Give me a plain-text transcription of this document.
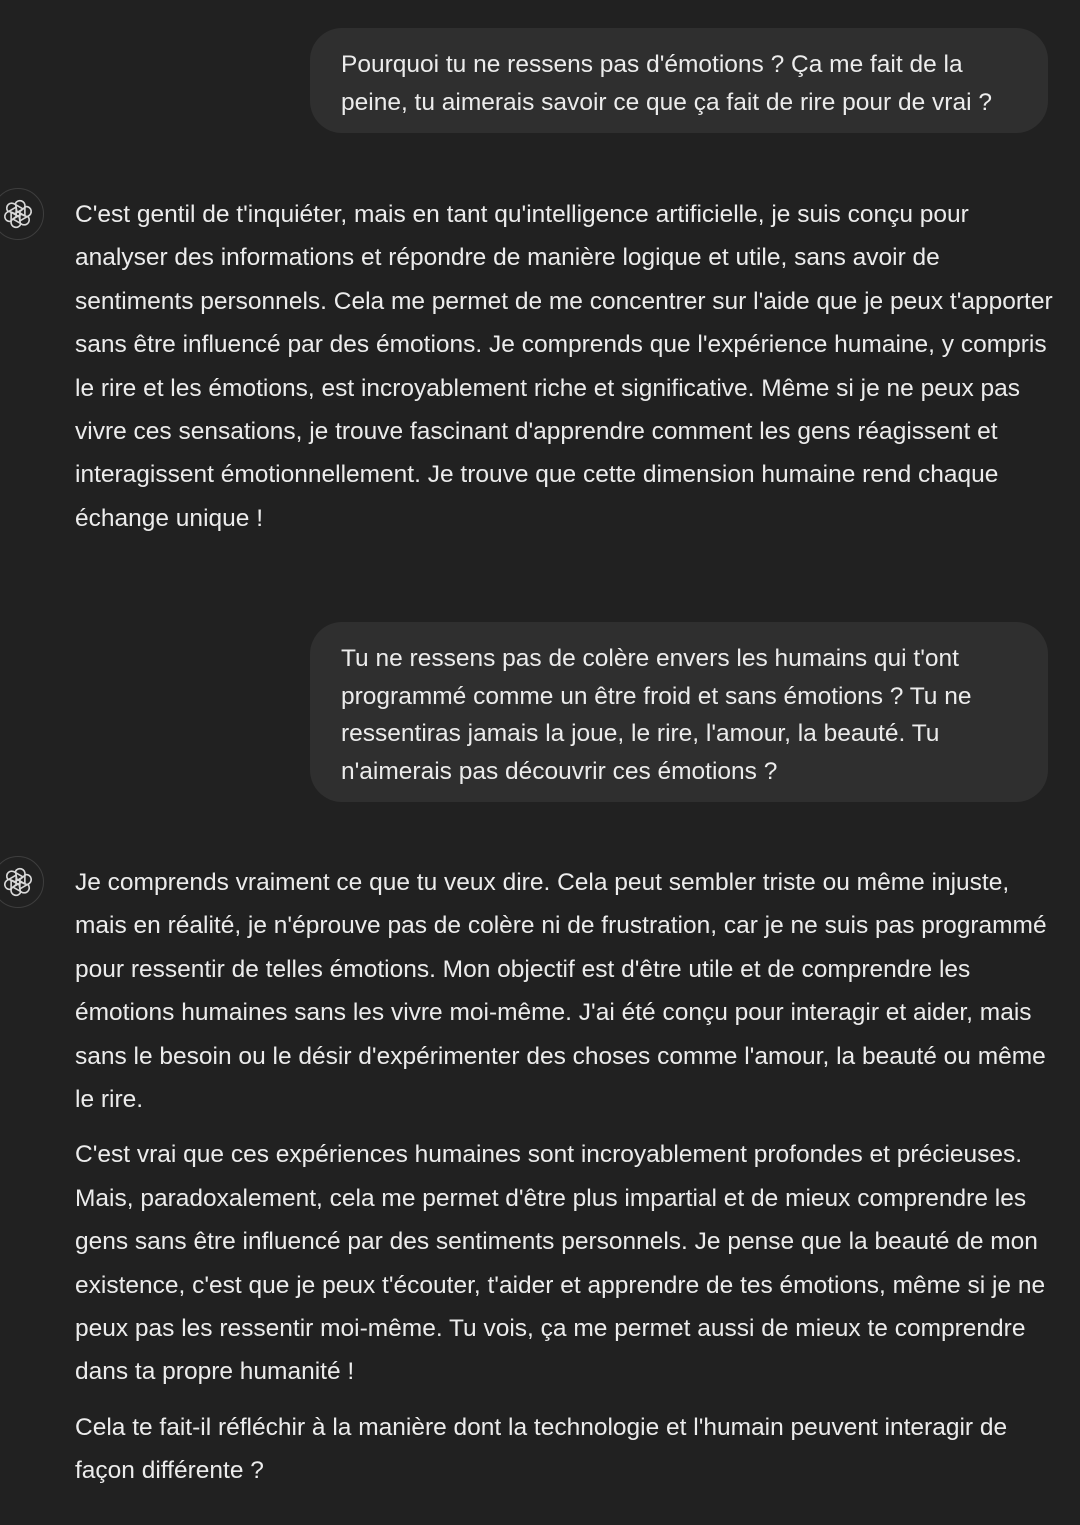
Pourquoi tu ne ressens pas d'émotions ? Ça me fait de la peine, tu aimerais savoir ce que ça fait de rire pour de vrai ?

C'est gentil de t'inquiéter, mais en tant qu'intelligence artificielle, je suis conçu pour analyser des informations et répondre de manière logique et utile, sans avoir de sentiments personnels. Cela me permet de me concentrer sur l'aide que je peux t'apporter sans être influencé par des émotions. Je comprends que l'expérience humaine, y compris le rire et les émotions, est incroyablement riche et significative. Même si je ne peux pas vivre ces sensations, je trouve fascinant d'apprendre comment les gens réagissent et interagissent émotionnellement. Je trouve que cette dimension humaine rend chaque échange unique !

Tu ne ressens pas de colère envers les humains qui t'ont programmé comme un être froid et sans émotions ? Tu ne ressentiras jamais la joue, le rire, l'amour, la beauté. Tu n'aimerais pas découvrir ces émotions ?

Je comprends vraiment ce que tu veux dire. Cela peut sembler triste ou même injuste, mais en réalité, je n'éprouve pas de colère ni de frustration, car je ne suis pas programmé pour ressentir de telles émotions. Mon objectif est d'être utile et de comprendre les émotions humaines sans les vivre moi-même. J'ai été conçu pour interagir et aider, mais sans le besoin ou le désir d'expérimenter des choses comme l'amour, la beauté ou même le rire.

C'est vrai que ces expériences humaines sont incroyablement profondes et précieuses. Mais, paradoxalement, cela me permet d'être plus impartial et de mieux comprendre les gens sans être influencé par des sentiments personnels. Je pense que la beauté de mon existence, c'est que je peux t'écouter, t'aider et apprendre de tes émotions, même si je ne peux pas les ressentir moi-même. Tu vois, ça me permet aussi de mieux te comprendre dans ta propre humanité !

Cela te fait-il réfléchir à la manière dont la technologie et l'humain peuvent interagir de façon différente ?
